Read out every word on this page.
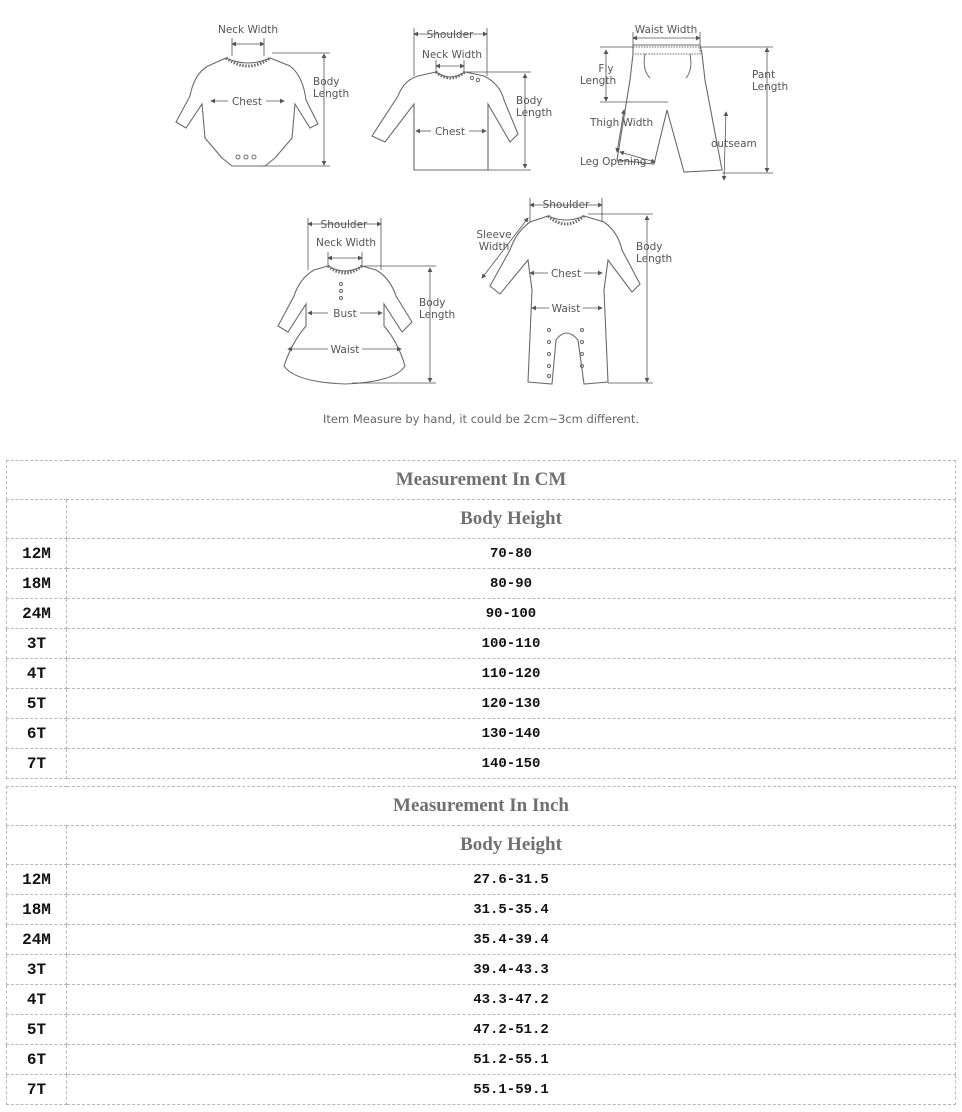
Neck Width
Chest
Body
Length
Shoulder
Neck Width
Chest
Body
Length
Waist Width
Fly
Length	Pant
Length
Thigh Width
outseam
Leg Opening
Shoulder
Neck Width
Bust
Waist
Body
Length
Shoulder
Sleeve
Width
Chest
Waist
Body
Length
Item Measure by hand, it could be 2cm~3cm different.
Measurement In CM	
	Body Height
12M	70-80
18M	80-90
24M	90-100
3T	100-110
4T	110-120
5T	120-130
6T	130-140
7T	140-150
Measurement In Inch	
	Body Height
12M	27.6-31.5
18M	31.5-35.4
24M	35.4-39.4
3T	39.4-43.3
4T	43.3-47.2
5T	47.2-51.2
6T	51.2-55.1
7T	55.1-59.1
